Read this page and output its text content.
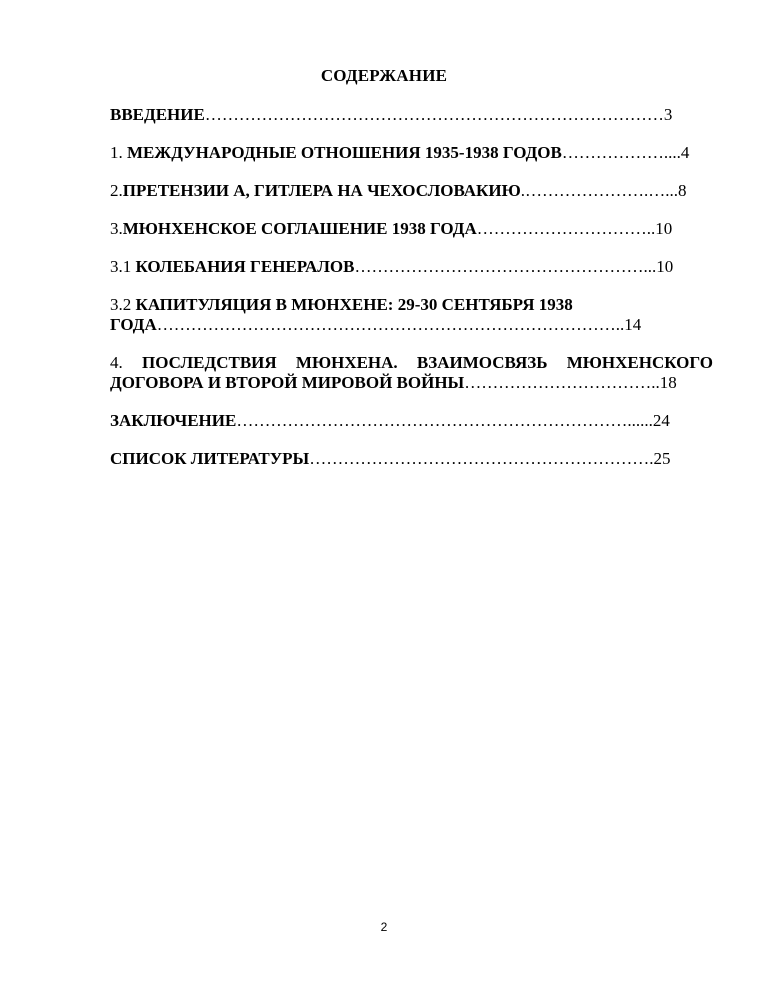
СОДЕРЖАНИЕ
ВВЕДЕНИЕ………………………………………………………………………3
1. МЕЖДУНАРОДНЫЕ ОТНОШЕНИЯ 1935-1938 ГОДОВ………………....4
2.ПРЕТЕНЗИИ А, ГИТЛЕРА НА ЧЕХОСЛОВАКИЮ.………………….…...8
3.МЮНХЕНСКОЕ СОГЛАШЕНИЕ 1938 ГОДА…………………………..10
3.1 КОЛЕБАНИЯ ГЕНЕРАЛОВ……………………………………………...10
3.2 КАПИТУЛЯЦИЯ В МЮНХЕНЕ: 29-30 СЕНТЯБРЯ 1938
ГОДА………………………………………………………………………..14
4. ПОСЛЕДСТВИЯ МЮНХЕНА. ВЗАИМОСВЯЗЬ МЮНХЕНСКОГО
ДОГОВОРА И ВТОРОЙ МИРОВОЙ ВОЙНЫ……………………………..18
ЗАКЛЮЧЕНИЕ……………………………………………………………......24
СПИСОК ЛИТЕРАТУРЫ…………………………………………………….25
2
